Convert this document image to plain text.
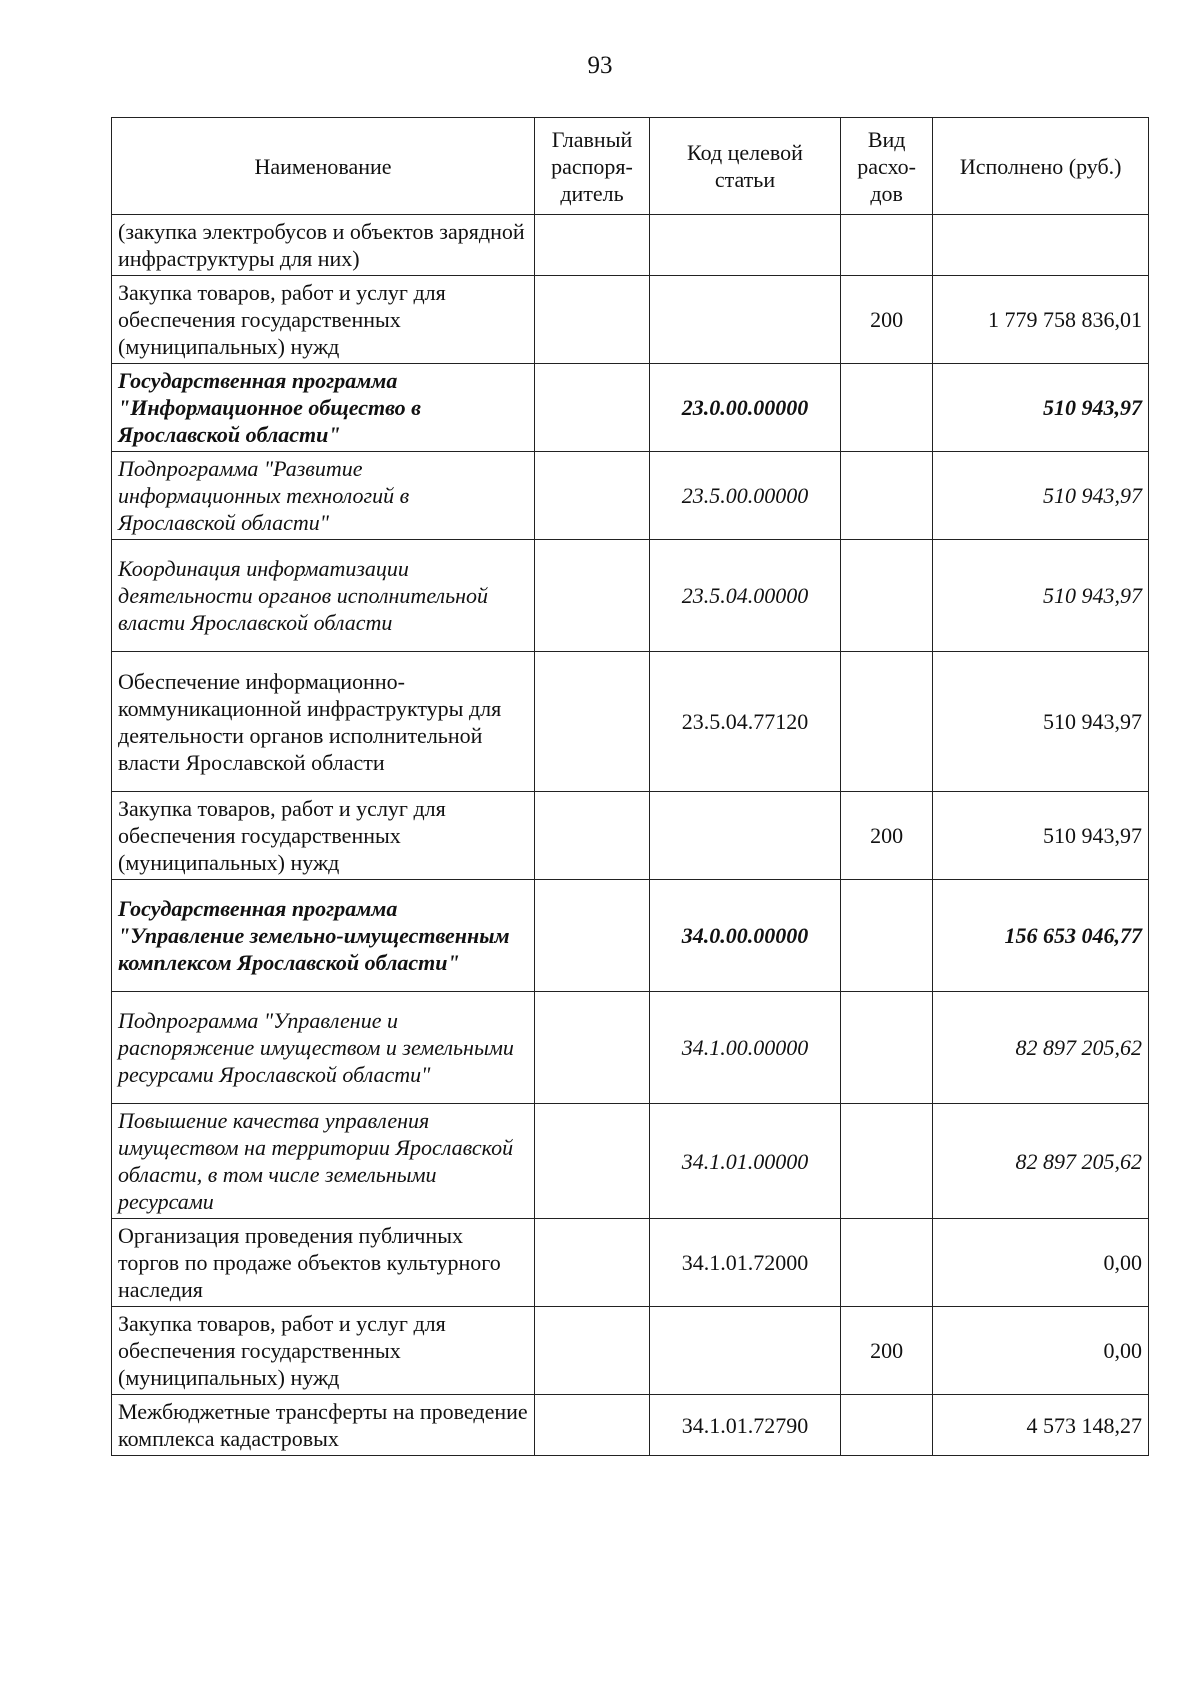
93
Наименование	Главный распоря-дитель	Код целевой статьи	Вид расхо-дов	Исполнено (руб.)
(закупка электробусов и объектов зарядной инфраструктуры для них)				
Закупка товаров, работ и услуг для обеспечения государственных (муниципальных) нужд			200	1 779 758 836,01
Государственная программа "Информационное общество в Ярославской области"		23.0.00.00000		510 943,97
Подпрограмма "Развитие информационных технологий в Ярославской области"		23.5.00.00000		510 943,97
Координация информатизации деятельности органов исполнительной власти Ярославской области		23.5.04.00000		510 943,97
Обеспечение информационно-коммуникационной инфраструктуры для деятельности органов исполнительной власти Ярославской области		23.5.04.77120		510 943,97
Закупка товаров, работ и услуг для обеспечения государственных (муниципальных) нужд			200	510 943,97
Государственная программа "Управление земельно-имущественным комплексом Ярославской области"		34.0.00.00000		156 653 046,77
Подпрограмма "Управление и распоряжение имуществом и земельными ресурсами Ярославской области"		34.1.00.00000		82 897 205,62
Повышение качества управления имуществом на территории Ярославской области, в том числе земельными ресурсами		34.1.01.00000		82 897 205,62
Организация проведения публичных торгов по продаже объектов культурного наследия		34.1.01.72000		0,00
Закупка товаров, работ и услуг для обеспечения государственных (муниципальных) нужд			200	0,00
Межбюджетные трансферты на проведение комплекса кадастровых		34.1.01.72790		4 573 148,27
